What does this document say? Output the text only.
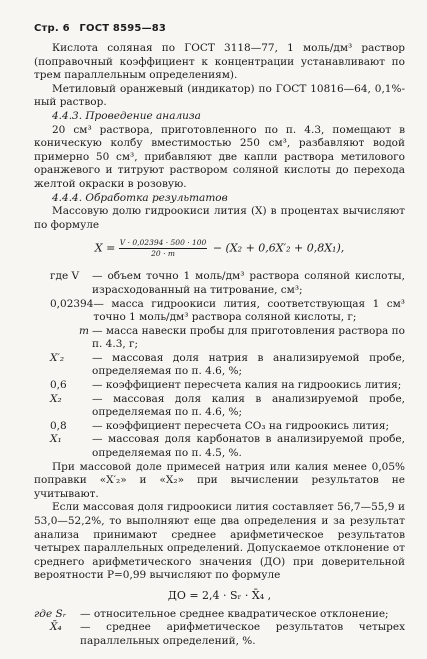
Стр. 6 ГОСТ 8595—83

Кислота соляная по ГОСТ 3118—77, 1 моль/дм³ раствор (поправочный коэффициент к концентрации устанавливают по трем параллельным определениям).

Метиловый оранжевый (индикатор) по ГОСТ 10816—64, 0,1%-ный раствор.

4.4.3. Проведение анализа

20 см³ раствора, приготовленного по п. 4.3, помещают в коническую колбу вместимостью 250 см³, разбавляют водой примерно 50 см³, прибавляют две капли раствора метилового оранжевого и титруют раствором соляной кислоты до перехода желтой окраски в розовую.

4.4.4. Обработка результатов

Массовую долю гидроокиси лития (X) в процентах вычисляют по формуле

$X = \frac{V \cdot 0,02394 \cdot 500 \cdot 100}{20 \cdot m} - (X_2 + 0,6X'_2 + 0,8X_1)$,
где V	— объем точно 1 моль/дм³ раствора соляной кислоты, израсходованный на титрование, см³;
0,02394 — масса гидроокиси лития, соответствующая 1 см³ точно 1 моль/дм³ раствора соляной кислоты, г;
m — масса навески пробы для приготовления раствора по п. 4.3, г;
X′₂	— массовая доля натрия в анализируемой пробе, определяемая по п. 4.6, %;
0,6	— коэффициент пересчета калия на гидроокись лития;
X₂	— массовая доля калия в анализируемой пробе, определяемая по п. 4.6, %;
0,8	— коэффициент пересчета CO₃ на гидроокись лития;
X₁	— массовая доля карбонатов в анализируемой пробе, определяемая по п. 4.5, %.

При массовой доле примесей натрия или калия менее 0,05% поправки «X′₂» и «X₂» при вычислении результатов не учитывают.

Если массовая доля гидроокиси лития составляет 56,7—55,9 и 53,0—52,2%, то выполняют еще два определения и за результат анализа принимают среднее арифметическое результатов четырех параллельных определений. Допускаемое отклонение от среднего арифметического значения (ДО) при доверительной вероятности P=0,99 вычисляют по формуле

ДО = 2,4 · Sᵣ · X̄₄ ,
где Sᵣ	— относительное среднее квадратическое отклонение;
X̄₄	— среднее арифметическое результатов четырех параллельных определений, %.
